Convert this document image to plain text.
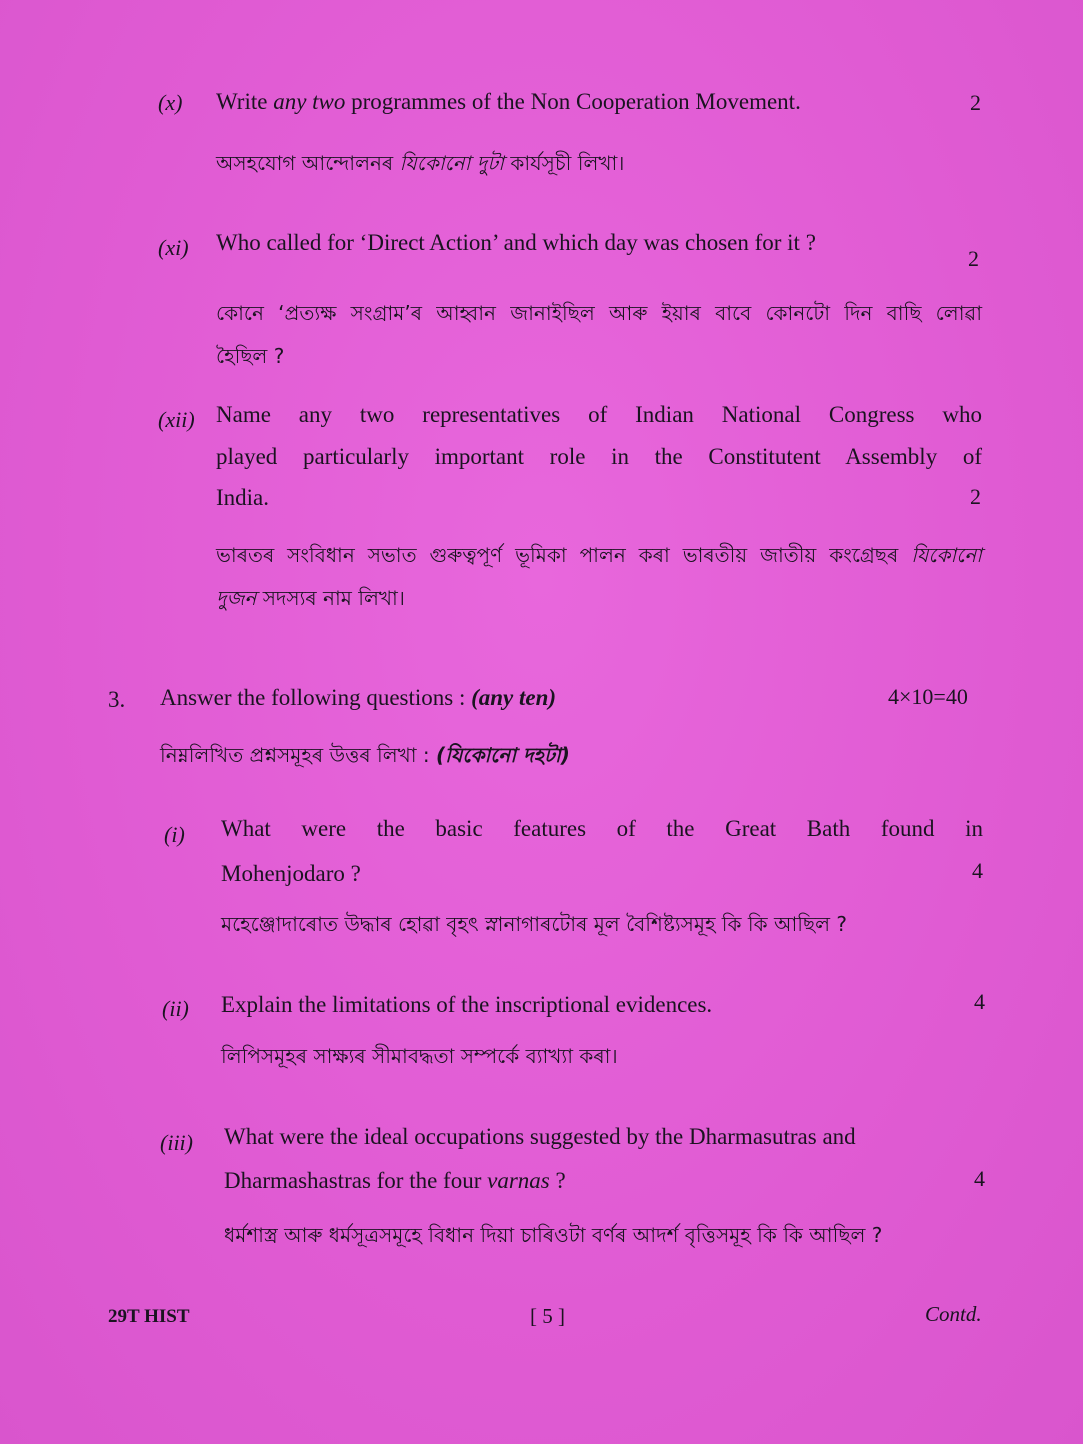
(x) Write any two programmes of the Non Cooperation Movement.	2
অসহযোগ আন্দোলনৰ যিকোনো দুটা কাৰ্যসূচী লিখা।
(xi) Who called for ‘Direct Action’ and which day was chosen for it ?
2
কোনে ‘প্ৰত্যক্ষ সংগ্ৰাম’ৰ আহ্বান জানাইছিল আৰু ইয়াৰ বাবে কোনটো দিন বাছি লোৱা
হৈছিল ?
(xii) Name any two representatives of Indian National Congress who
played particularly important role in the Constitutent Assembly of
India.	2
ভাৰতৰ সংবিধান সভাত গুৰুত্বপূৰ্ণ ভূমিকা পালন কৰা ভাৰতীয় জাতীয় কংগ্ৰেছৰ যিকোনো
দুজন সদস্যৰ নাম লিখা।
3. Answer the following questions : (any ten)	4×10=40
নিম্নলিখিত প্ৰশ্নসমূহৰ উত্তৰ লিখা : (যিকোনো দহটা)
(i) What were the basic features of the Great Bath found in
Mohenjodaro ?	4
মহেঞ্জোদাৰোত উদ্ধাৰ হোৱা বৃহৎ স্নানাগাৰটোৰ মূল বৈশিষ্ট্যসমূহ কি কি আছিল ?
(ii) Explain the limitations of the inscriptional evidences.	4
লিপিসমূহৰ সাক্ষ্যৰ সীমাবদ্ধতা সম্পৰ্কে ব্যাখ্যা কৰা।
(iii) What were the ideal occupations suggested by the Dharmasutras and
Dharmashastras for the four varnas ?	4
ধৰ্মশাস্ত্ৰ আৰু ধৰ্মসূত্ৰসমূহে বিধান দিয়া চাৰিওটা বৰ্ণৰ আদৰ্শ বৃত্তিসমূহ কি কি আছিল ?
29T HIST	[ 5 ]	Contd.
